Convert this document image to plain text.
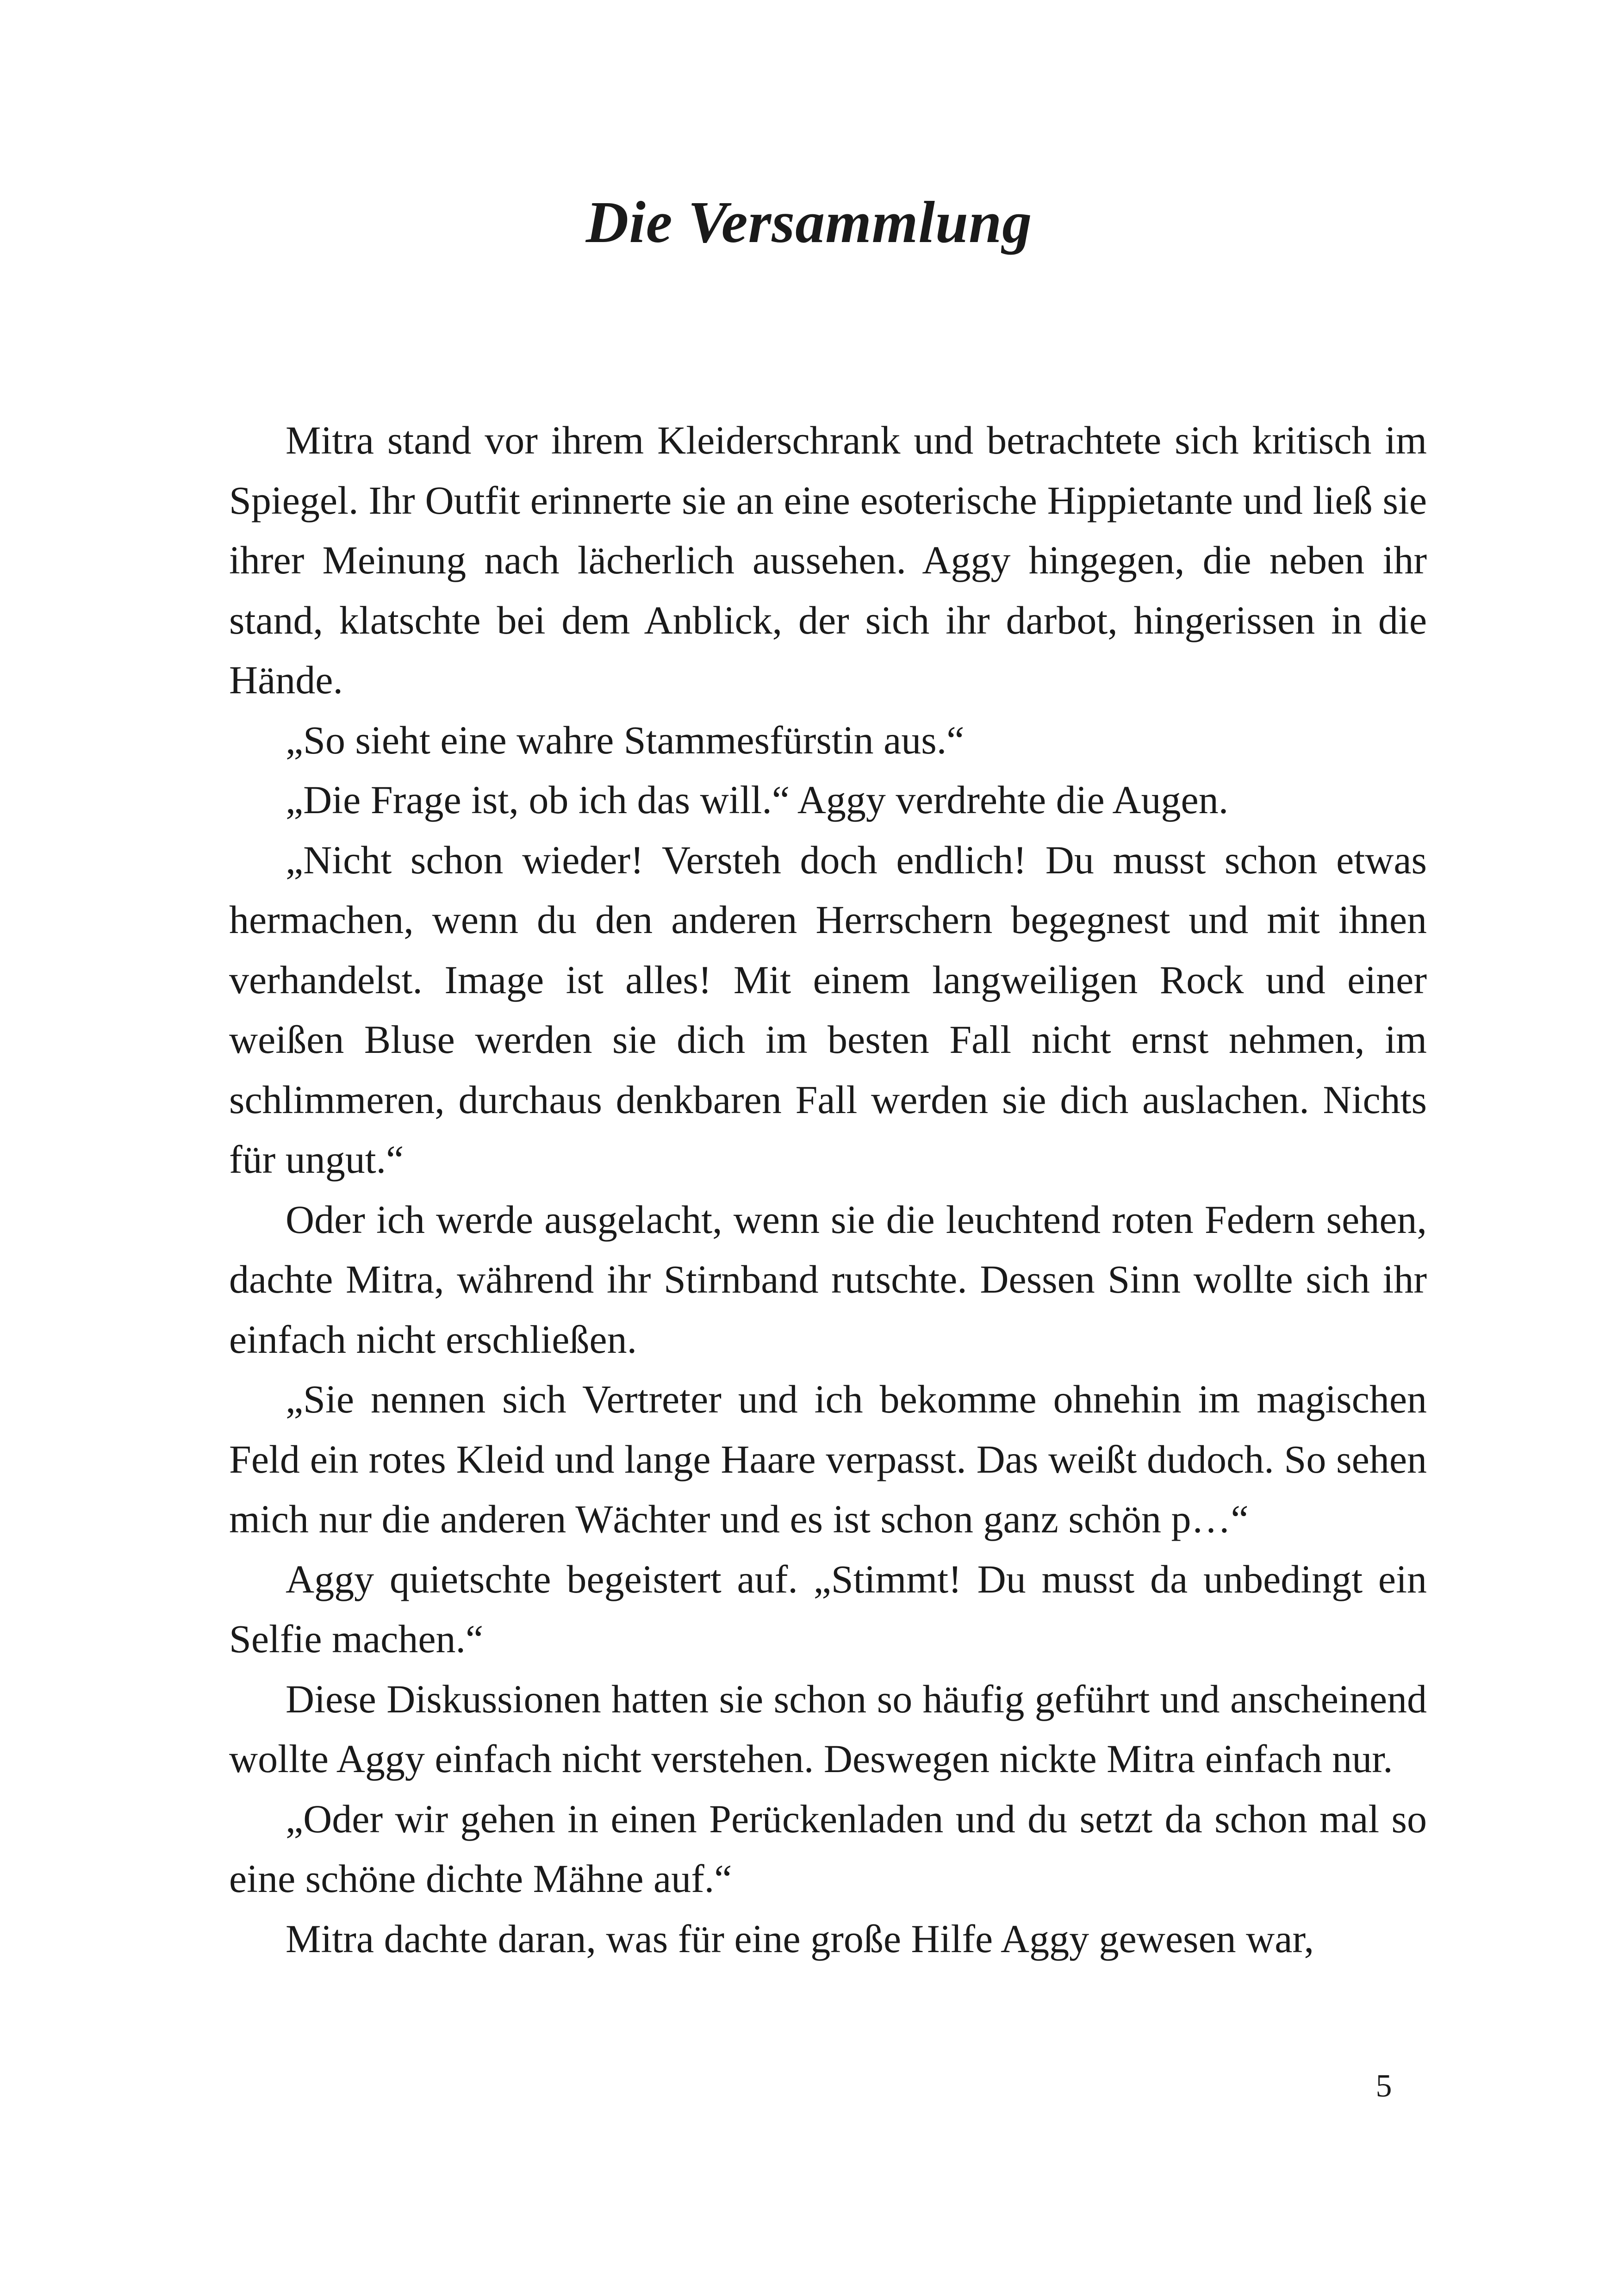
Die Versammlung

Mitra stand vor ihrem Kleiderschrank und betrachtete sich kritisch im Spiegel. Ihr Outfit erinnerte sie an eine esoterische Hippietante und ließ sie ihrer Meinung nach lächerlich aussehen. Aggy hingegen, die neben ihr stand, klatschte bei dem Anblick, der sich ihr darbot, hingerissen in die Hände.

„So sieht eine wahre Stammesfürstin aus.“

„Die Frage ist, ob ich das will.“ Aggy verdrehte die Augen.

„Nicht schon wieder! Versteh doch endlich! Du musst schon etwas hermachen, wenn du den anderen Herrschern begegnest und mit ihnen verhandelst. Image ist alles! Mit einem langweiligen Rock und einer weißen Bluse werden sie dich im besten Fall nicht ernst nehmen, im schlimmeren, durchaus denkbaren Fall werden sie dich auslachen. Nichts für ungut.“

Oder ich werde ausgelacht, wenn sie die leuchtend roten Federn sehen, dachte Mitra, während ihr Stirnband rutschte. Dessen Sinn wollte sich ihr einfach nicht erschließen.

„Sie nennen sich Vertreter und ich bekomme ohnehin im magischen Feld ein rotes Kleid und lange Haare verpasst. Das weißt dudoch. So sehen mich nur die anderen Wächter und es ist schon ganz schön p…“

Aggy quietschte begeistert auf. „Stimmt! Du musst da unbedingt ein Selfie machen.“

Diese Diskussionen hatten sie schon so häufig geführt und anscheinend wollte Aggy einfach nicht verstehen. Deswegen nickte Mitra einfach nur.

„Oder wir gehen in einen Perückenladen und du setzt da schon mal so eine schöne dichte Mähne auf.“

Mitra dachte daran, was für eine große Hilfe Aggy gewesen war,

5
